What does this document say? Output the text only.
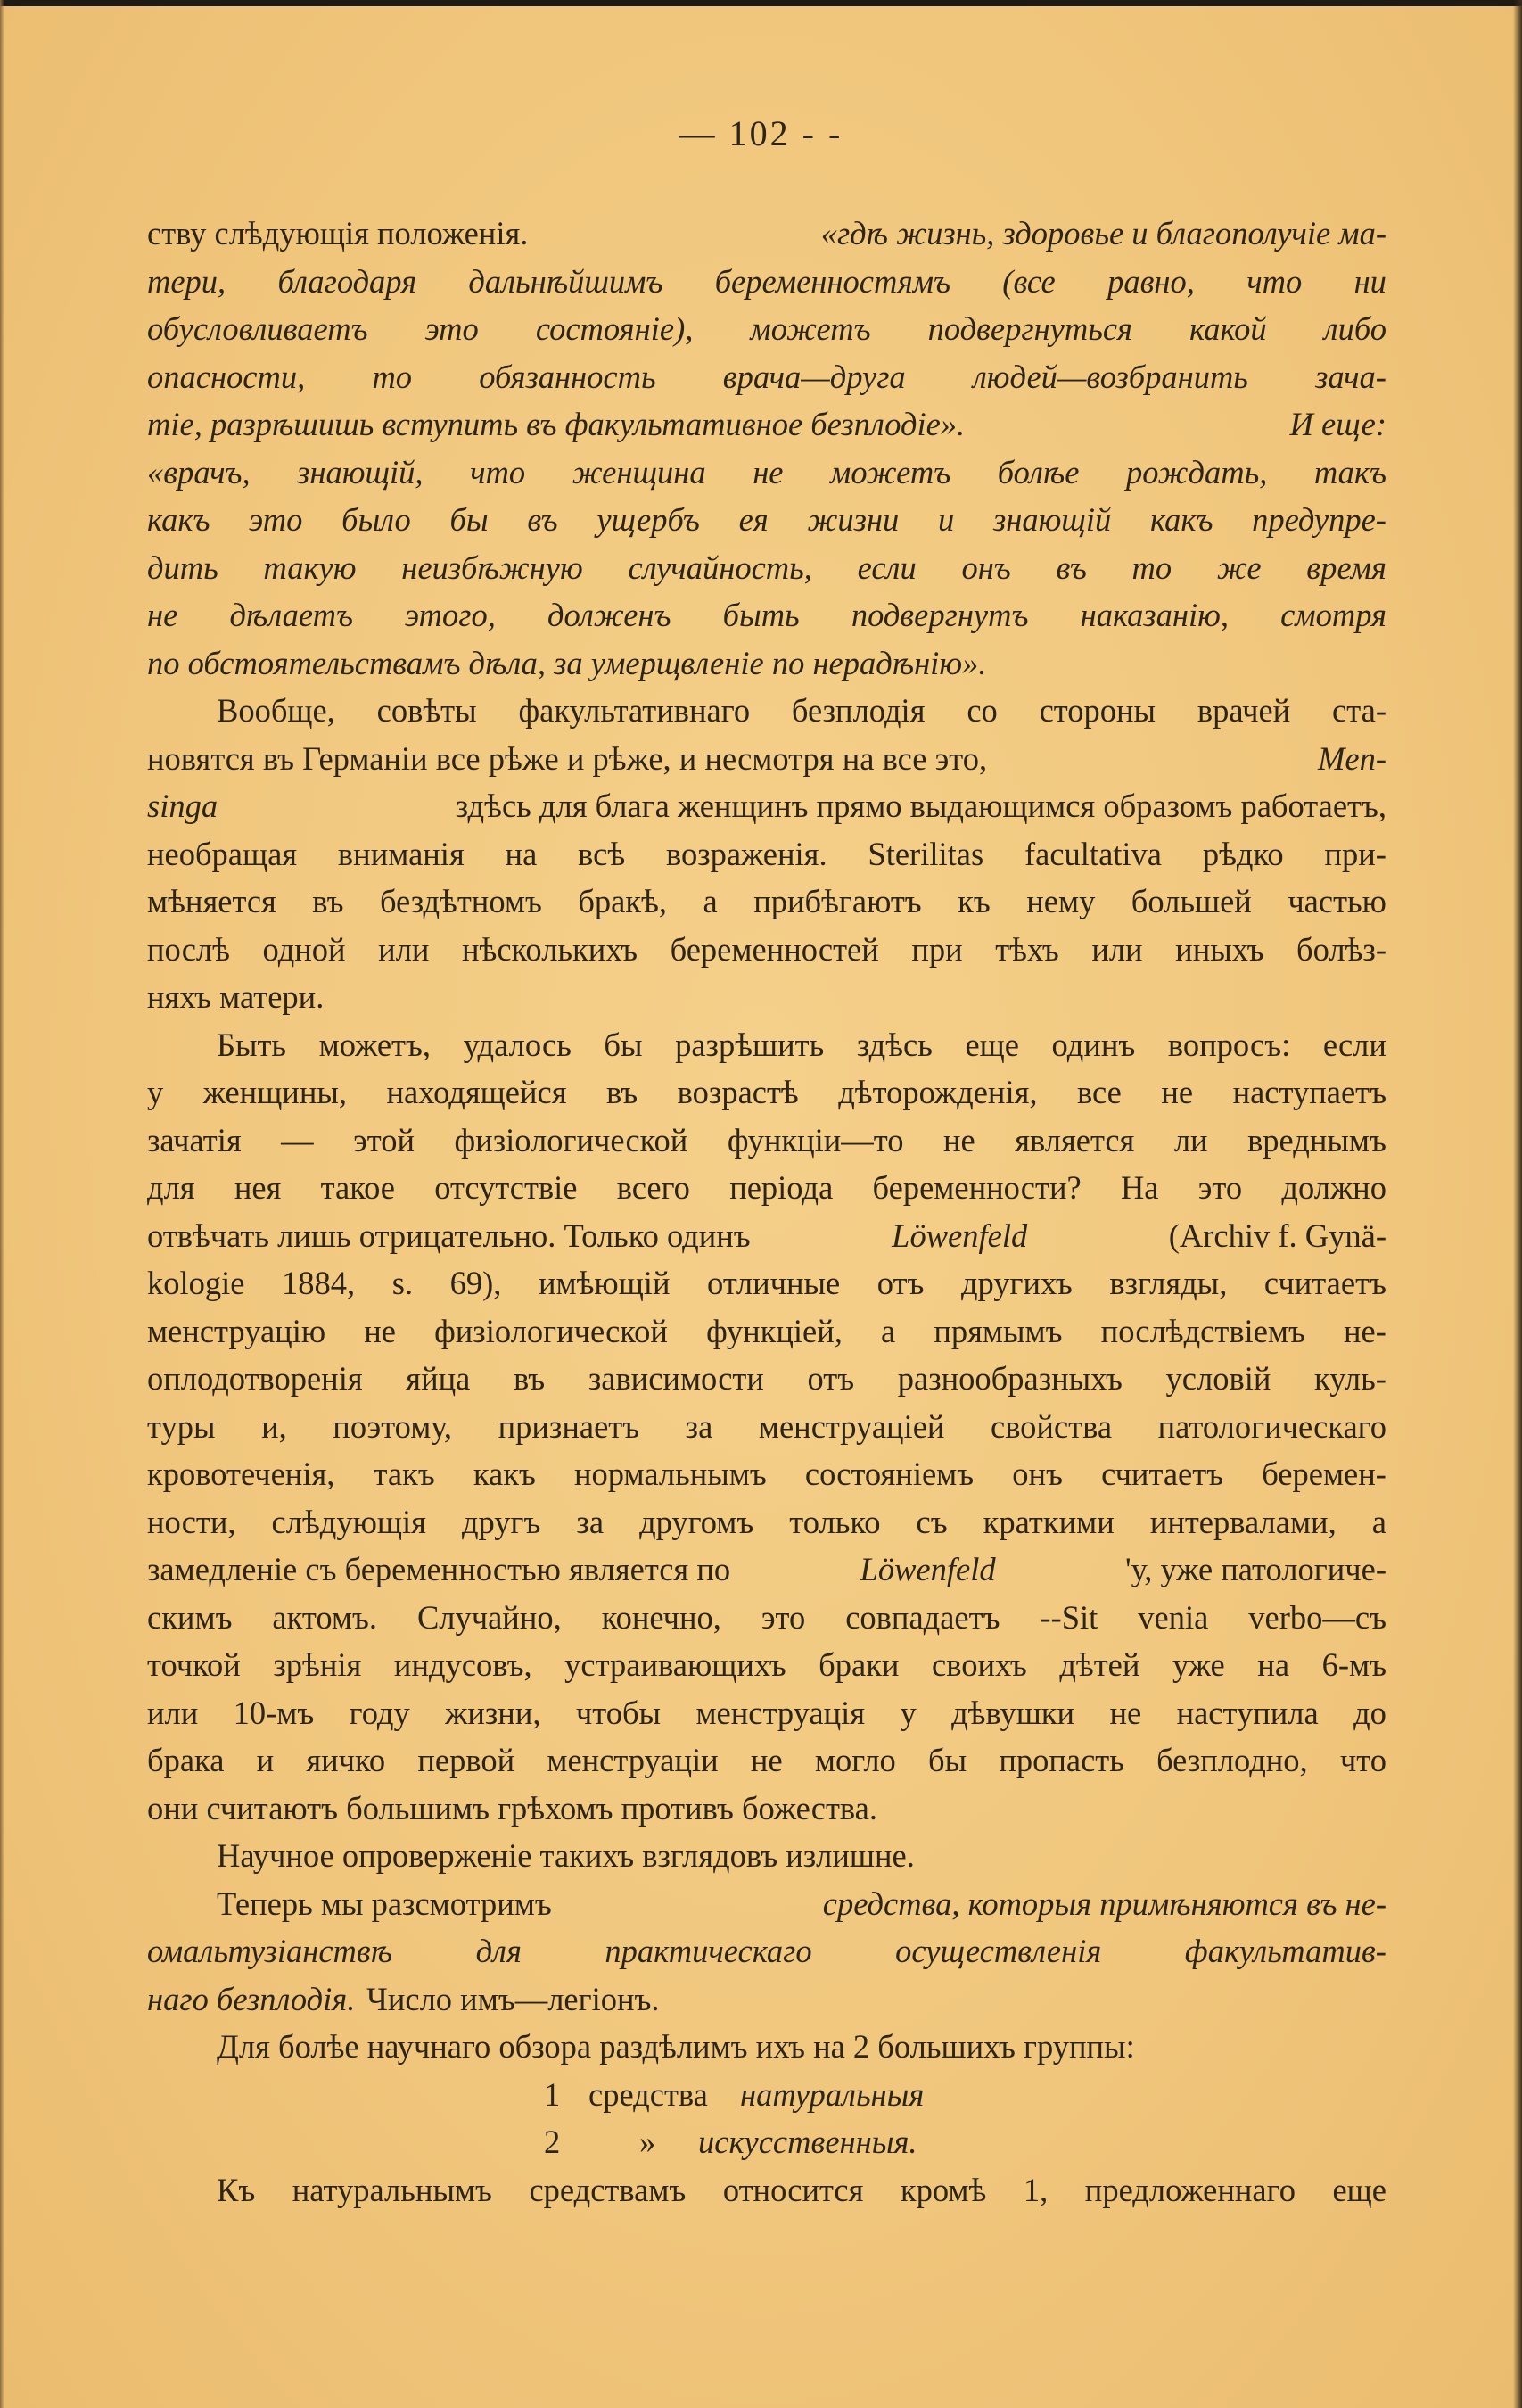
— 102 - -
ству слѣдующія положенія.	«гдѣ жизнь, здоровье и благополучіе ма-
тери, благодаря дальнѣйшимъ беременностямъ (все равно, что ни
обусловливаетъ это состояніе), можетъ подвергнуться какой либо
опасности, то обязанность врача—друга людей—возбранить зача-
тіе, разрѣшишь вступить въ факультативное безплодіе».	И еще:
«врачъ, знающій, что женщина не можетъ болѣе рождать, такъ
какъ это было бы въ ущербъ ея жизни и знающій какъ предупре-
дить такую неизбѣжную случайность, если онъ въ то же время
не дѣлаетъ этого, долженъ быть подвергнутъ наказанію, смотря
по обстоятельствамъ дѣла, за умерщвленіе по нерадѣнію».
Вообще, совѣты факультативнаго безплодія со стороны врачей ста-
новятся въ Германіи все рѣже и рѣже, и несмотря на все это,	Men-
singa	здѣсь для блага женщинъ прямо выдающимся образомъ работаетъ,
необращая вниманія на всѣ возраженія. Sterilitas facultativa рѣдко при-
мѣняется въ бездѣтномъ бракѣ, а прибѣгаютъ къ нему большей частью
послѣ одной или нѣсколькихъ беременностей при тѣхъ или иныхъ болѣз-
няхъ матери.
Быть можетъ, удалось бы разрѣшить здѣсь еще одинъ вопросъ: если
у женщины, находящейся въ возрастѣ дѣторожденія, все не наступаетъ
зачатія — этой физіологической функціи—то не является ли вреднымъ
для нея такое отсутствіе всего періода беременности? На это должно
отвѣчать лишь отрицательно. Только одинъ	Löwenfeld	(Archiv f. Gynä-
kologie 1884, s. 69), имѣющій отличные отъ другихъ взгляды, считаетъ
менструацію не физіологической функціей, а прямымъ послѣдствіемъ не-
оплодотворенія яйца въ зависимости отъ разнообразныхъ условій куль-
туры и, поэтому, признаетъ за менструаціей свойства патологическаго
кровотеченія, такъ какъ нормальнымъ состояніемъ онъ считаетъ беремен-
ности, слѣдующія другъ за другомъ только съ краткими интервалами, а
замедленіе съ беременностью является по	Löwenfeld	'у, уже патологиче-
скимъ актомъ. Случайно, конечно, это совпадаетъ --Sit venia verbo—съ
точкой зрѣнія индусовъ, устраивающихъ браки своихъ дѣтей уже на 6-мъ
или 10-мъ году жизни, чтобы менструація у дѣвушки не наступила до
брака и яичко первой менструаціи не могло бы пропасть безплодно, что
они считаютъ большимъ грѣхомъ противъ божества.
Научное опроверженіе такихъ взглядовъ излишне.
Теперь мы разсмотримъ	средства, которыя примѣняются въ не-
омальтузіанствѣ	для	практическаго	осуществленія	факультатив-
наго безплодія. Число имъ—легіонъ.
Для болѣе научнаго обзора раздѣлимъ ихъ на 2 большихъ группы:
1 средства натуральныя
2 » искусственныя.
Къ натуральнымъ средствамъ относится кромѣ 1, предложеннаго еще
